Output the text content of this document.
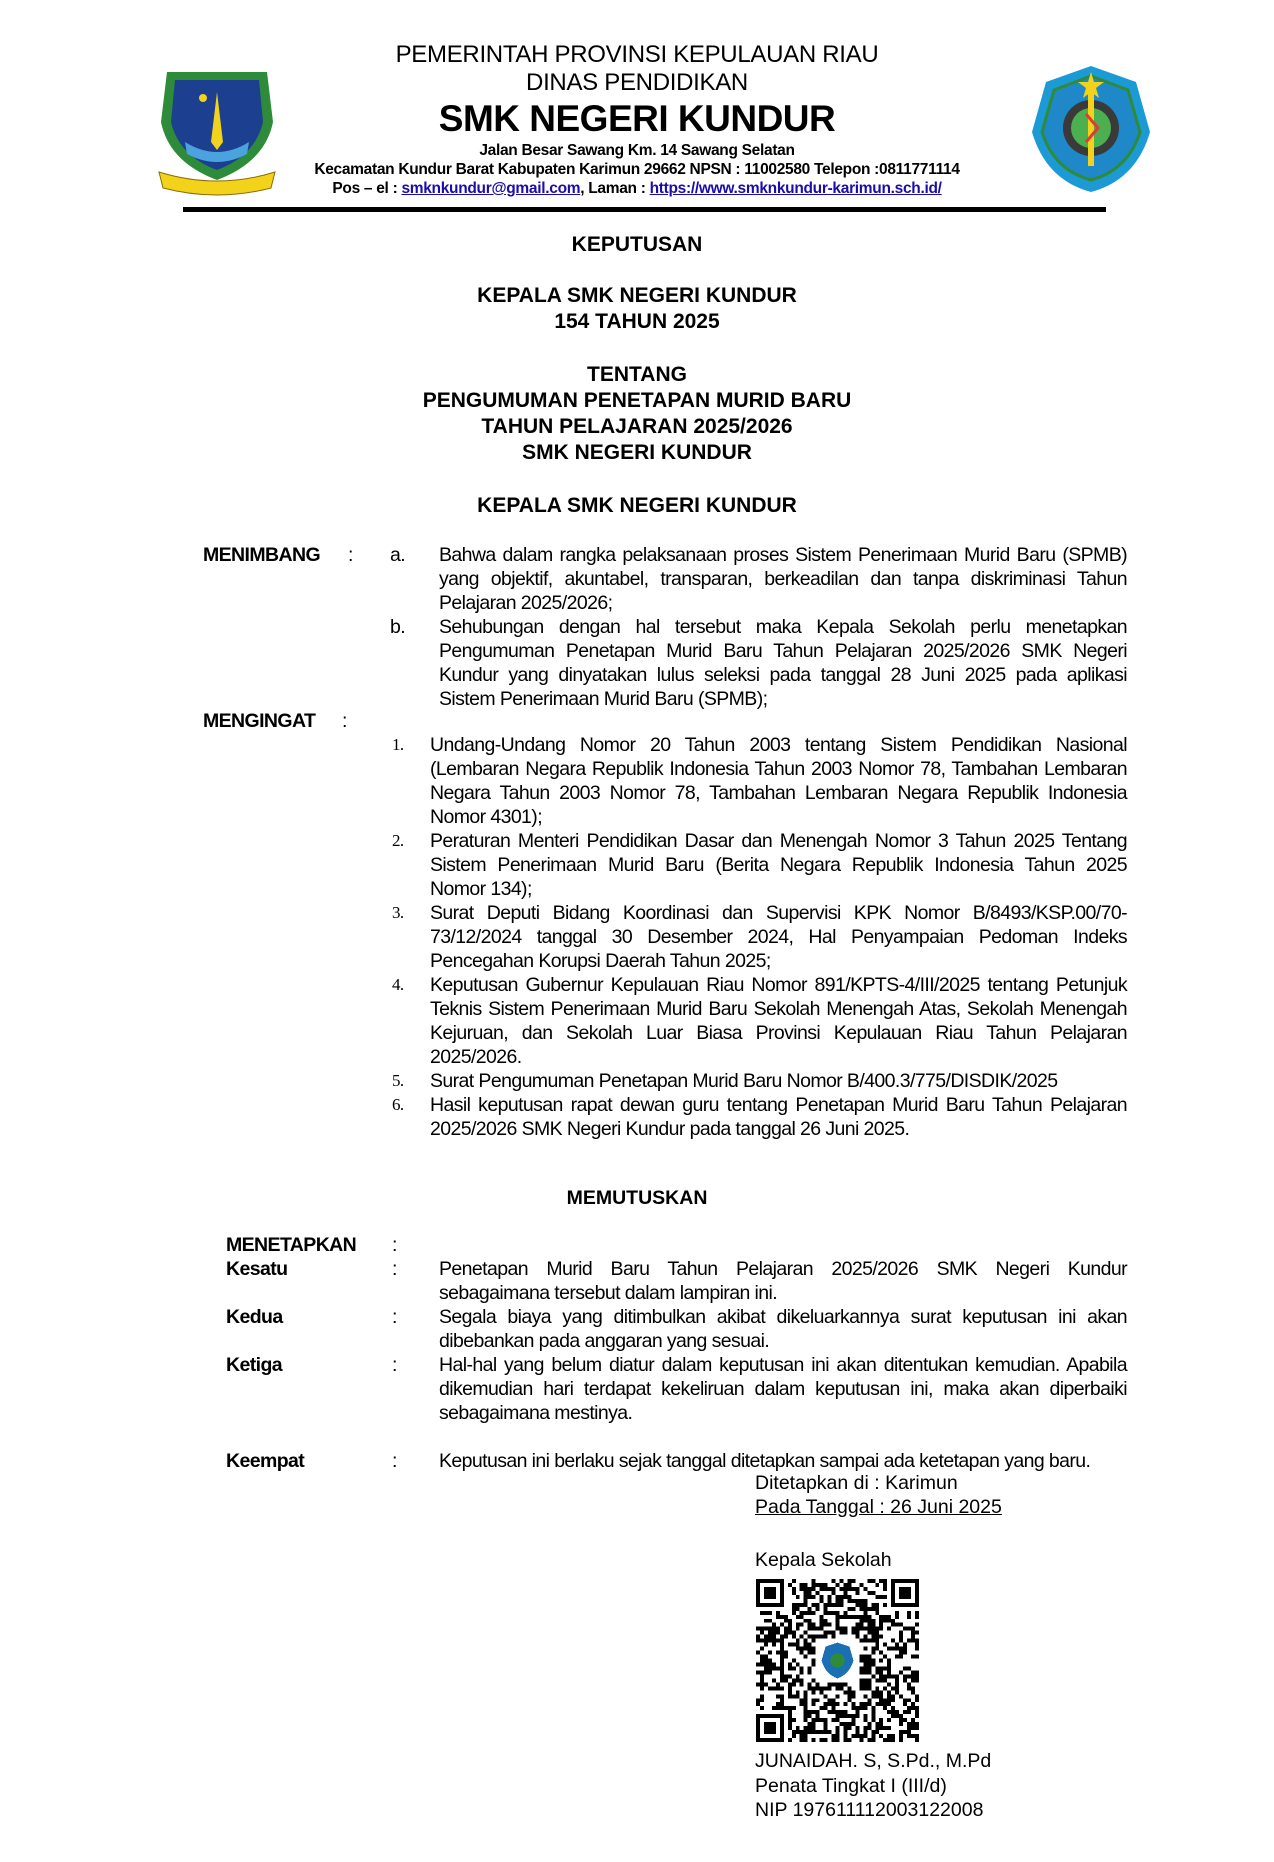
PEMERINTAH PROVINSI KEPULAUAN RIAU
DINAS PENDIDIKAN
SMK NEGERI KUNDUR
Jalan Besar Sawang Km. 14 Sawang Selatan
Kecamatan Kundur Barat Kabupaten Karimun 29662 NPSN : 11002580 Telepon :0811771114
Pos – el : smknkundur@gmail.com, Laman : https://www.smknkundur-karimun.sch.id/
KEPUTUSAN
KEPALA SMK NEGERI KUNDUR
154 TAHUN 2025
TENTANG
PENGUMUMAN PENETAPAN MURID BARU
TAHUN PELAJARAN 2025/2026
SMK NEGERI KUNDUR
KEPALA SMK NEGERI KUNDUR
MENIMBANG : a.	Bahwa dalam rangka pelaksanaan proses Sistem Penerimaan Murid Baru (SPMB) yang objektif, akuntabel, transparan, berkeadilan dan tanpa diskriminasi Tahun Pelajaran 2025/2026;
b.	Sehubungan dengan hal tersebut maka Kepala Sekolah perlu menetapkan Pengumuman Penetapan Murid Baru Tahun Pelajaran 2025/2026 SMK Negeri Kundur yang dinyatakan lulus seleksi pada tanggal 28 Juni 2025 pada aplikasi Sistem Penerimaan Murid Baru (SPMB);
MENGINGAT :
1.	Undang-Undang Nomor 20 Tahun 2003 tentang Sistem Pendidikan Nasional (Lembaran Negara Republik Indonesia Tahun 2003 Nomor 78, Tambahan Lembaran Negara Tahun 2003 Nomor 78, Tambahan Lembaran Negara Republik Indonesia Nomor 4301);
2.	Peraturan Menteri Pendidikan Dasar dan Menengah Nomor 3 Tahun 2025 Tentang Sistem Penerimaan Murid Baru (Berita Negara Republik Indonesia Tahun 2025 Nomor 134);
3.	Surat Deputi Bidang Koordinasi dan Supervisi KPK Nomor B/8493/KSP.00/70-73/12/2024 tanggal 30 Desember 2024, Hal Penyampaian Pedoman Indeks Pencegahan Korupsi Daerah Tahun 2025;
4.	Keputusan Gubernur Kepulauan Riau Nomor 891/KPTS-4/III/2025 tentang Petunjuk Teknis Sistem Penerimaan Murid Baru Sekolah Menengah Atas, Sekolah Menengah Kejuruan, dan Sekolah Luar Biasa Provinsi Kepulauan Riau Tahun Pelajaran 2025/2026.
5.	Surat Pengumuman Penetapan Murid Baru Nomor B/400.3/775/DISDIK/2025
6.	Hasil keputusan rapat dewan guru tentang Penetapan Murid Baru Tahun Pelajaran 2025/2026 SMK Negeri Kundur pada tanggal 26 Juni 2025.
MEMUTUSKAN
MENETAPKAN :
Kesatu	:	Penetapan Murid Baru Tahun Pelajaran 2025/2026 SMK Negeri Kundur sebagaimana tersebut dalam lampiran ini.
Kedua	:	Segala biaya yang ditimbulkan akibat dikeluarkannya surat keputusan ini akan dibebankan pada anggaran yang sesuai.
Ketiga	:	Hal-hal yang belum diatur dalam keputusan ini akan ditentukan kemudian. Apabila dikemudian hari terdapat kekeliruan dalam keputusan ini, maka akan diperbaiki sebagaimana mestinya.
Keempat	:	Keputusan ini berlaku sejak tanggal ditetapkan sampai ada ketetapan yang baru.
Ditetapkan di : Karimun
Pada Tanggal : 26 Juni 2025
Kepala Sekolah
JUNAIDAH. S, S.Pd., M.Pd
Penata Tingkat I (III/d)
NIP 197611112003122008
